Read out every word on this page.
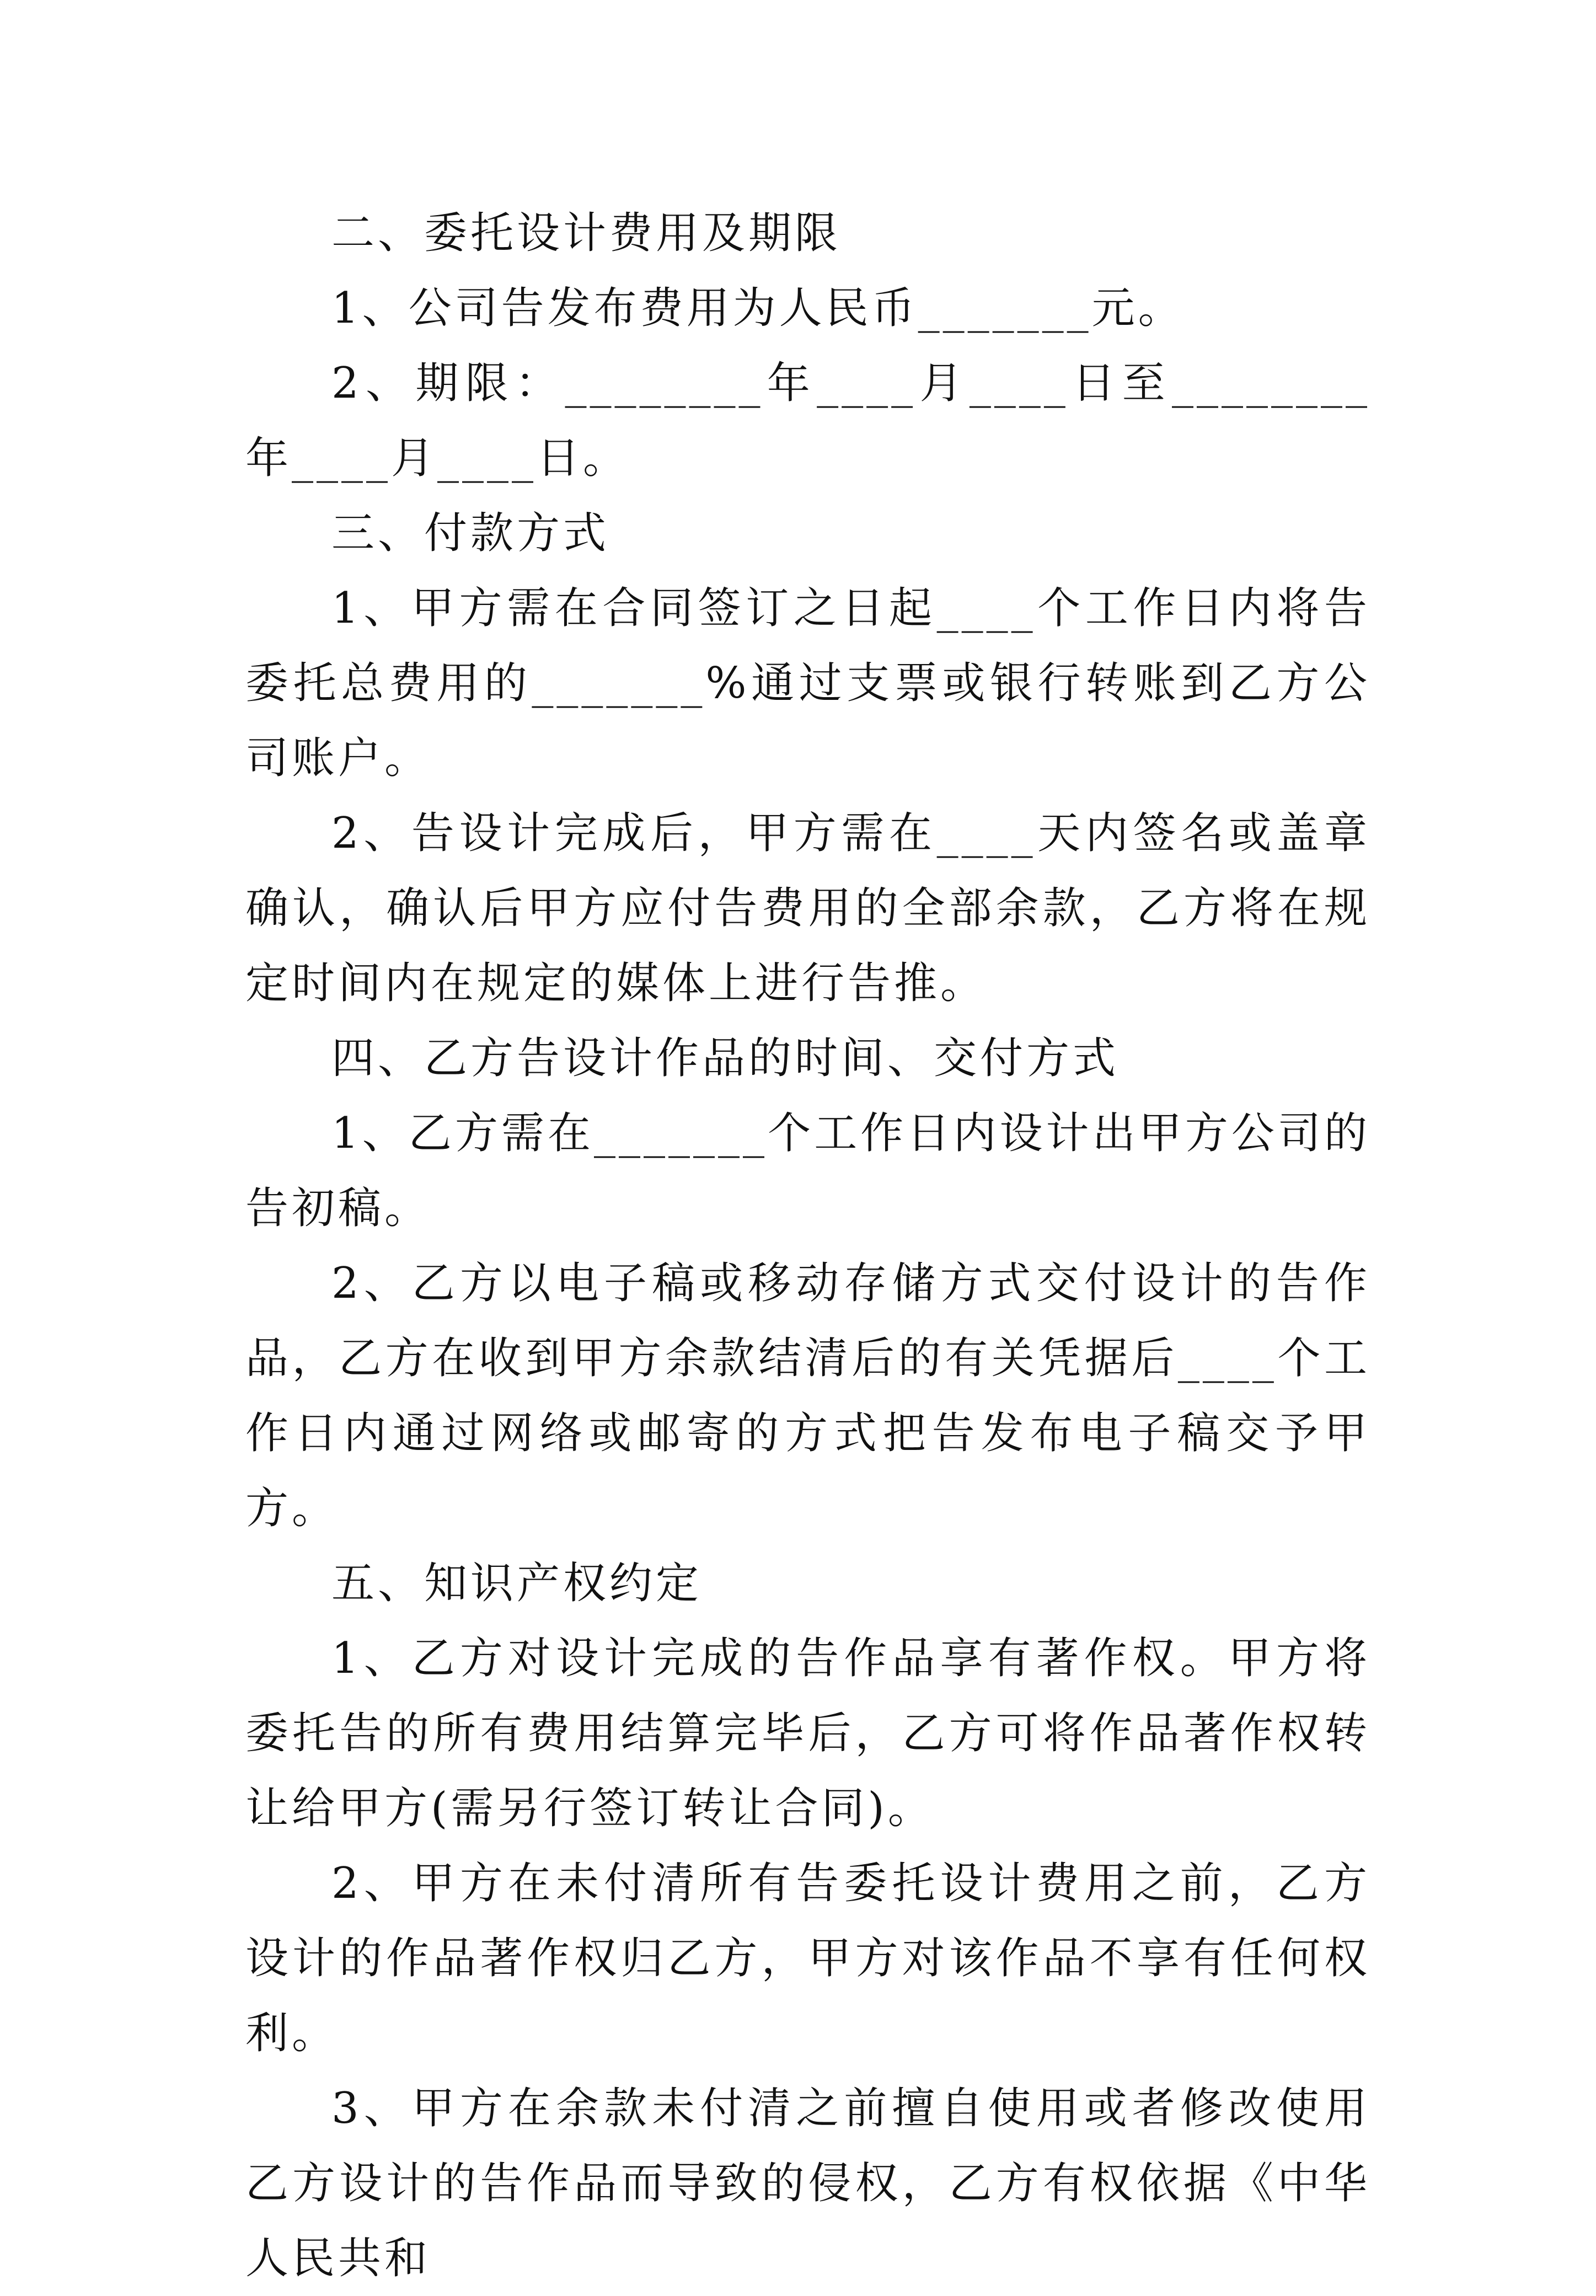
二、委托设计费用及期限

1、公司告发布费用为人民币_______元。

2、期限：________年____月____日至________年____月____日。

三、付款方式

1、甲方需在合同签订之日起____个工作日内将告委托总费用的_______%通过支票或银行转账到乙方公司账户。

2、告设计完成后，甲方需在____天内签名或盖章确认，确认后甲方应付告费用的全部余款，乙方将在规定时间内在规定的媒体上进行告推。

四、乙方告设计作品的时间、交付方式

1、乙方需在_______个工作日内设计出甲方公司的告初稿。

2、乙方以电子稿或移动存储方式交付设计的告作品，乙方在收到甲方余款结清后的有关凭据后____个工作日内通过网络或邮寄的方式把告发布电子稿交予甲方。

五、知识产权约定

1、乙方对设计完成的告作品享有著作权。甲方将委托告的所有费用结算完毕后，乙方可将作品著作权转让给甲方(需另行签订转让合同)。

2、甲方在未付清所有告委托设计费用之前，乙方设计的作品著作权归乙方，甲方对该作品不享有任何权利。

3、甲方在余款未付清之前擅自使用或者修改使用乙方设计的告作品而导致的侵权，乙方有权依据《中华人民共和
